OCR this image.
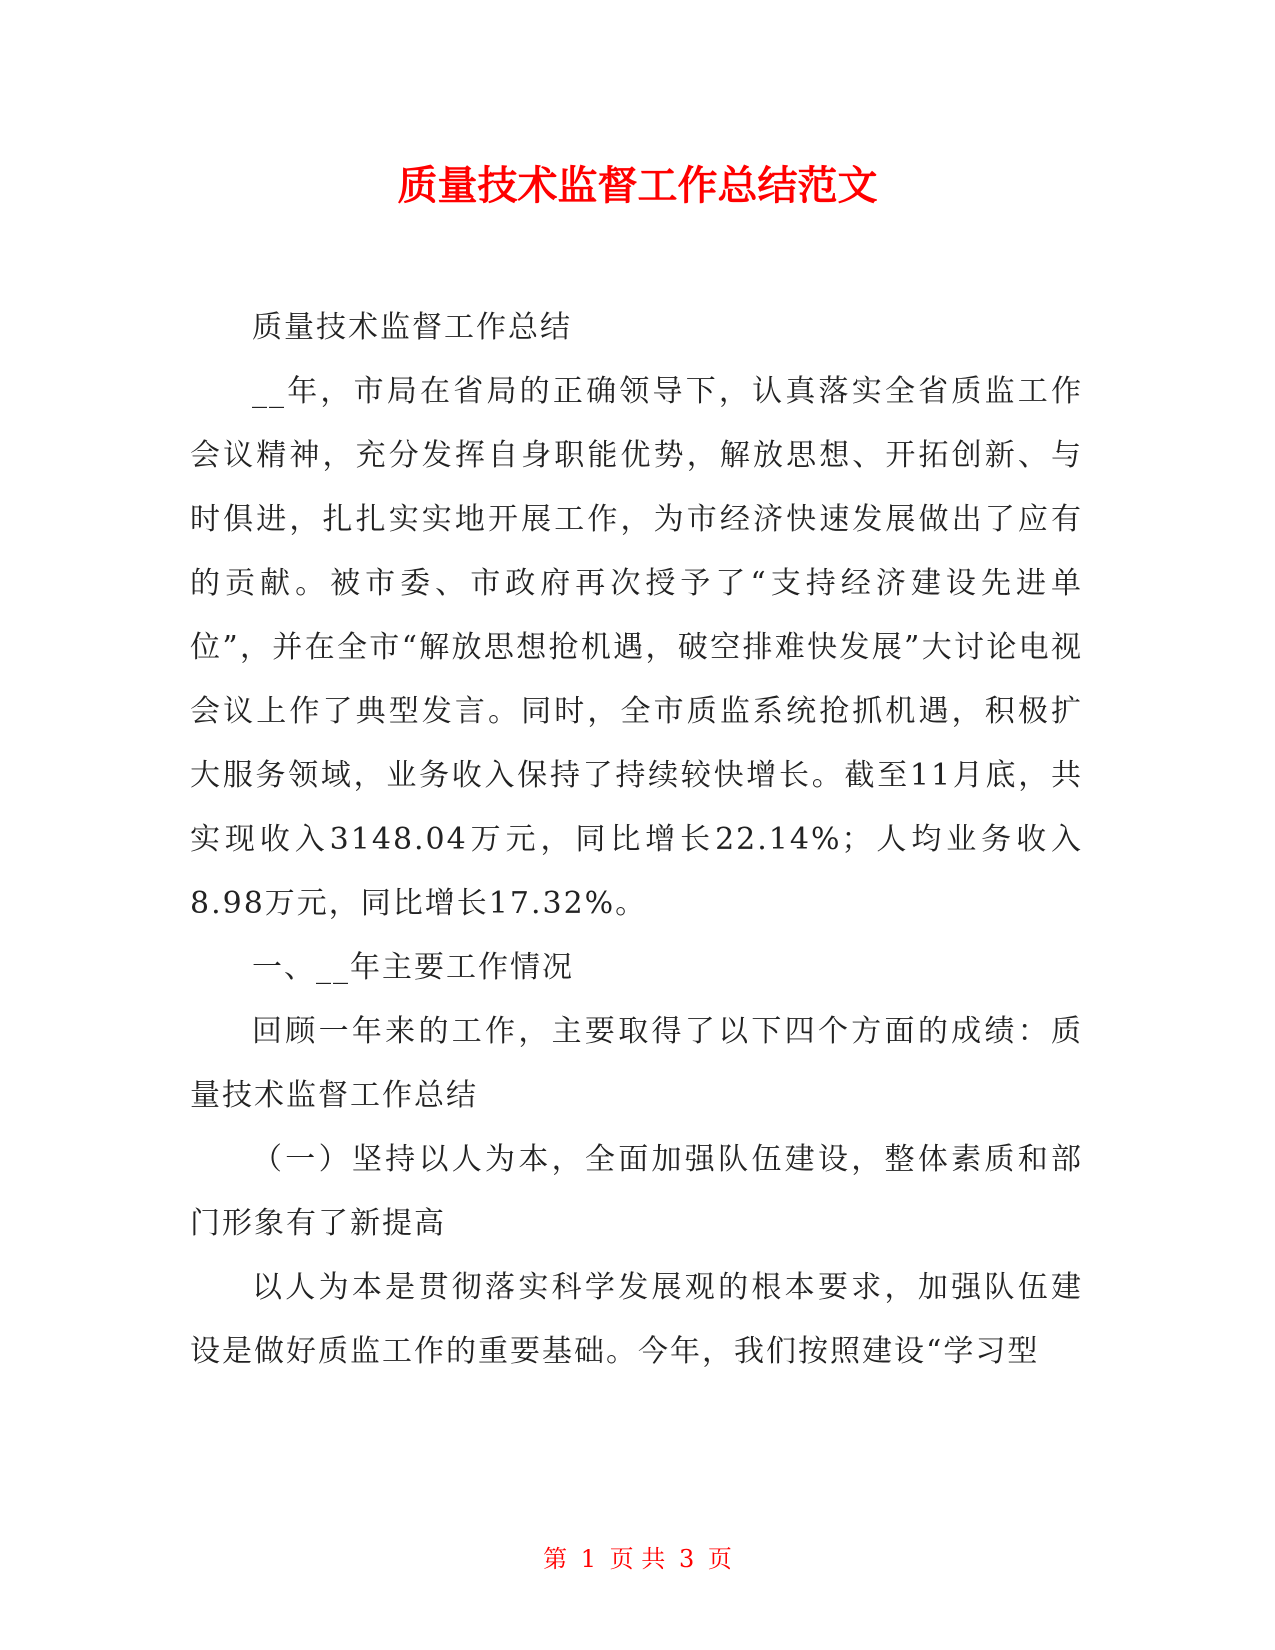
质量技术监督工作总结范文

质量技术监督工作总结

__年，市局在省局的正确领导下，认真落实全省质监工作会议精神，充分发挥自身职能优势，解放思想、开拓创新、与时俱进，扎扎实实地开展工作，为市经济快速发展做出了应有的贡献。被市委、市政府再次授予了“支持经济建设先进单位”，并在全市“解放思想抢机遇，破空排难快发展”大讨论电视会议上作了典型发言。同时，全市质监系统抢抓机遇，积极扩大服务领域，业务收入保持了持续较快增长。截至11月底，共实现收入3148.04万元，同比增长22.14%；人均业务收入8.98万元，同比增长17.32%。

一、__年主要工作情况

回顾一年来的工作，主要取得了以下四个方面的成绩：质量技术监督工作总结

（一）坚持以人为本，全面加强队伍建设，整体素质和部门形象有了新提高

以人为本是贯彻落实科学发展观的根本要求，加强队伍建设是做好质监工作的重要基础。今年，我们按照建设“学习型

第 1 页 共 3 页
